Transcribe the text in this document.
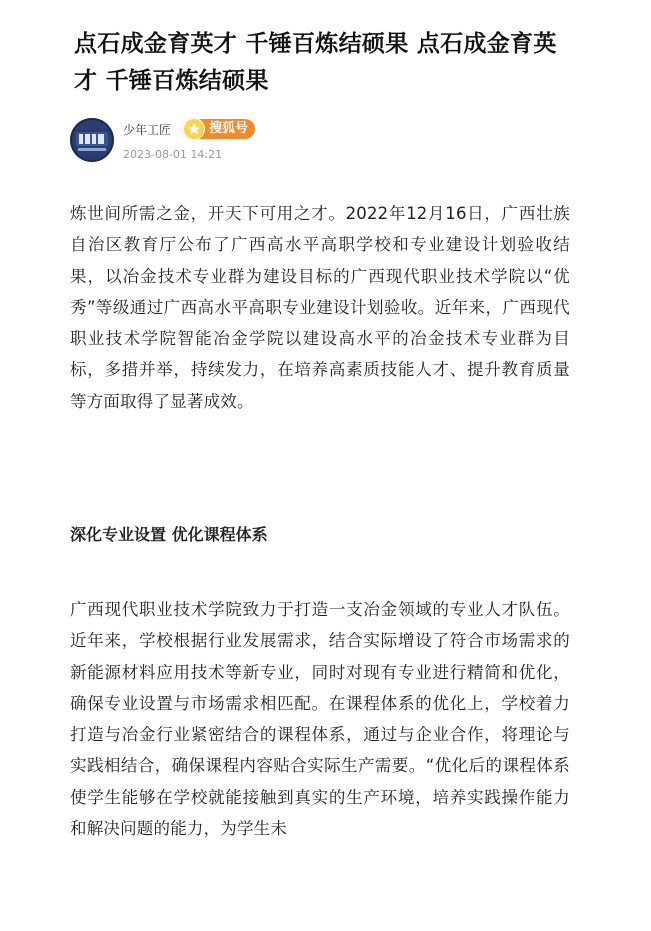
点石成金育英才 千锤百炼结硕果 点石成金育英才 千锤百炼结硕果
少年工匠	搜狐号
2023-08-01 14:21

炼世间所需之金，开天下可用之才。2022年12月16日，广西壮族自治区教育厅公布了广西高水平高职学校和专业建设计划验收结果，以冶金技术专业群为建设目标的广西现代职业技术学院以“优秀”等级通过广西高水平高职专业建设计划验收。近年来，广西现代职业技术学院智能冶金学院以建设高水平的冶金技术专业群为目标，多措并举，持续发力，在培养高素质技能人才、提升教育质量等方面取得了显著成效。

深化专业设置 优化课程体系

广西现代职业技术学院致力于打造一支冶金领域的专业人才队伍。近年来，学校根据行业发展需求，结合实际增设了符合市场需求的新能源材料应用技术等新专业，同时对现有专业进行精简和优化，确保专业设置与市场需求相匹配。在课程体系的优化上，学校着力打造与冶金行业紧密结合的课程体系，通过与企业合作，将理论与实践相结合，确保课程内容贴合实际生产需要。“优化后的课程体系使学生能够在学校就能接触到真实的生产环境，培养实践操作能力和解决问题的能力，为学生未
